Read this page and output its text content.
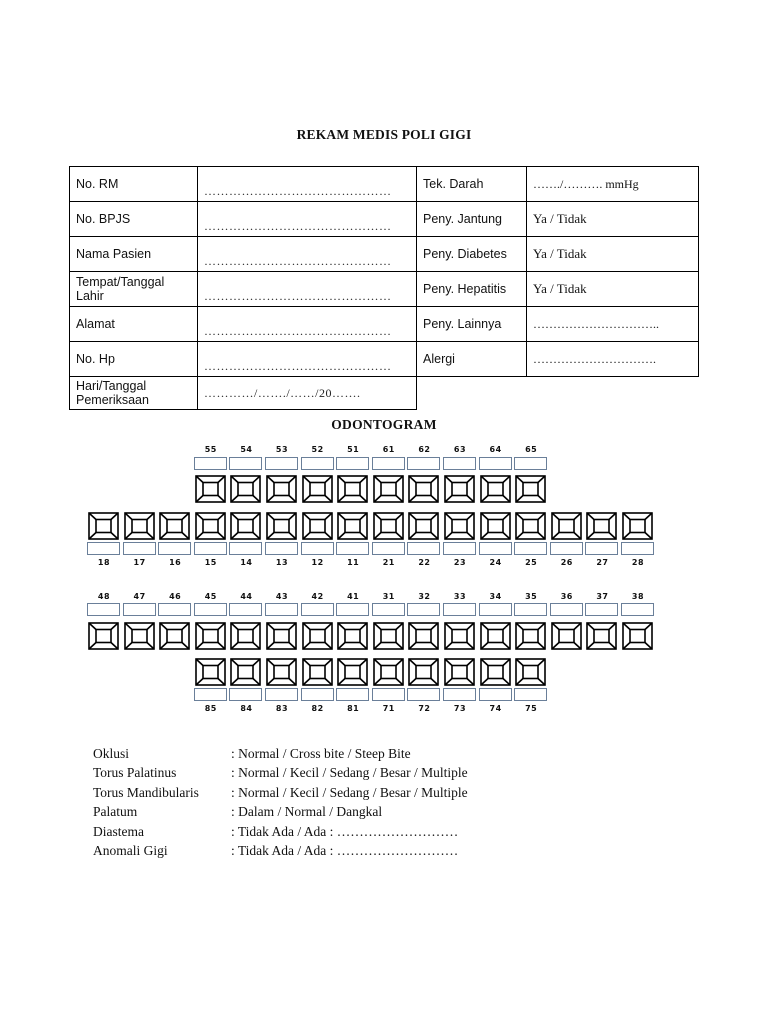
REKAM MEDIS POLI GIGI
No. RM	………………………………………	Tek. Darah	……./………. mmHg
No. BPJS	………………………………………	Peny. Jantung	Ya / Tidak
Nama Pasien	………………………………………	Peny. Diabetes	Ya / Tidak
Tempat/Tanggal Lahir	………………………………………	Peny. Hepatitis	Ya / Tidak
Alamat	………………………………………	Peny. Lainnya	…………………………..
No. Hp	………………………………………	Alergi	………………………….
Hari/Tanggal Pemeriksaan	…………/……./……/20…….		
ODONTOGRAM
55	54	53	52	51	61	62	63	64	65
18	17	16	15	14	13	12	11	21	22	23	24	25	26	27	28
48	47	46	45	44	43	42	41	31	32	33	34	35	36	37	38
85	84	83	82	81	71	72	73	74	75
Oklusi	: Normal / Cross bite / Steep Bite
Torus Palatinus	: Normal / Kecil / Sedang / Besar / Multiple
Torus Mandibularis	: Normal / Kecil / Sedang / Besar / Multiple
Palatum	: Dalam / Normal / Dangkal
Diastema	: Tidak Ada / Ada : ………………………
Anomali Gigi	: Tidak Ada / Ada : ………………………
